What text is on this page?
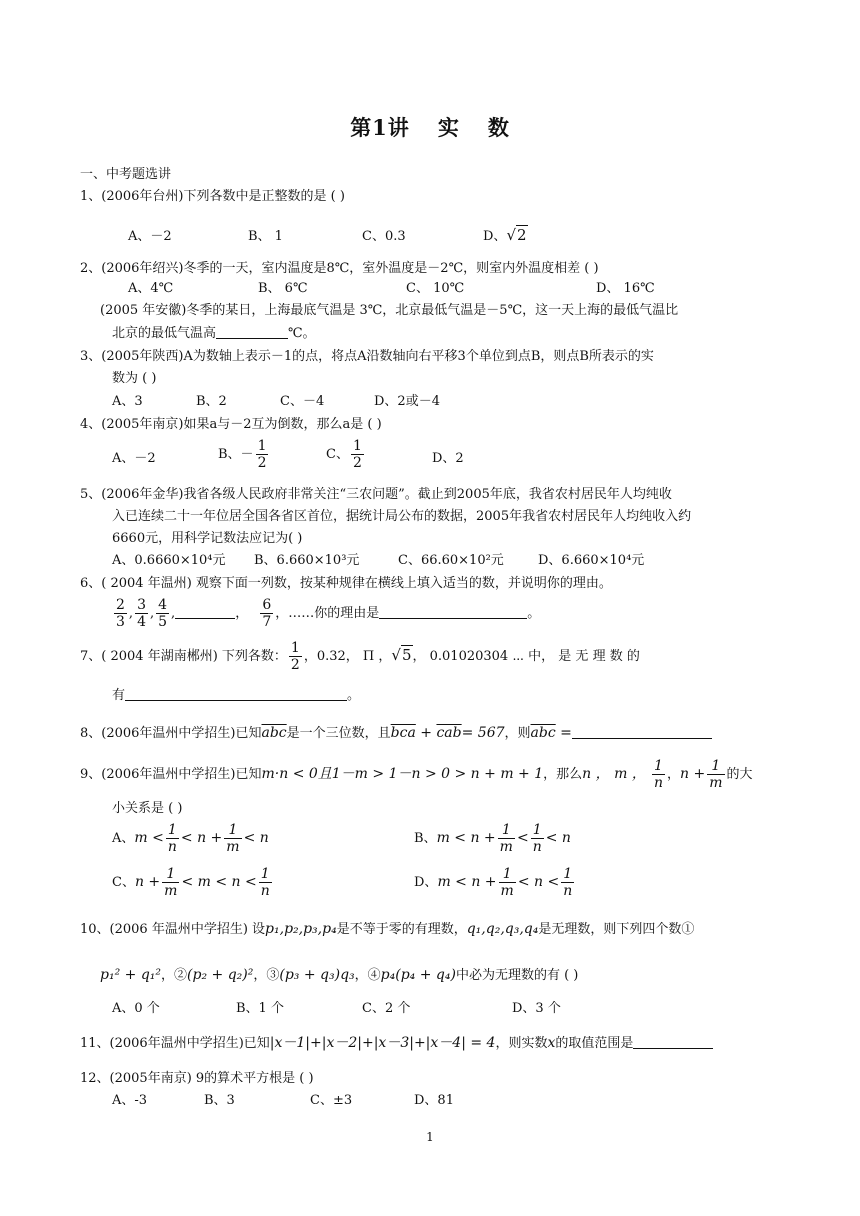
第1讲 实 数
一、中考题选讲
1、(2006年台州)下列各数中是正整数的是 ( )
A、－2	B、 1	C、0.3	D、√2
2、(2006年绍兴)冬季的一天，室内温度是8℃，室外温度是－2℃，则室内外温度相差 ( )
A、4℃	B、 6℃	C、 10℃	D、 16℃
(2005 年安徽)冬季的某日，上海最底气温是 3℃，北京最低气温是－5℃，这一天上海的最低气温比
北京的最低气温高	℃。
3、(2005年陕西)A为数轴上表示－1的点，将点A沿数轴向右平移3个单位到点B，则点B所表示的实
数为 ( )
A、3	B、2	C、－4	D、2或－4
4、(2005年南京)如果a与－2互为倒数，那么a是 ( )
A、－2	B、－ $\frac{1}{2}$	C、 $\frac{1}{2}$	D、2
5、(2006年金华)我省各级人民政府非常关注“三农问题”。截止到2005年底，我省农村居民年人均纯收
入已连续二十一年位居全国各省区首位，据统计局公布的数据，2005年我省农村居民年人均纯收入约
6660元，用科学记数法应记为( )
A、0.6660×10⁴元 B、6.660×10³元	C、66.60×10²元	D、6.660×10⁴元
6、( 2004 年温州) 观察下面一列数，按某种规律在横线上填入适当的数，并说明你的理由。
$\frac{2}{3}$ , $\frac{3}{4}$ , $\frac{4}{5}$ ,	， $\frac{6}{7}$ ，……你的理由是	。
7、( 2004 年湖南郴州) 下列各数： $\frac{1}{2}$ ，0.32， Π ，√5， 0.01020304 ⋯ 中， 是 无 理 数 的
有	。
8、(2006年温州中学招生)已知$\overline{abc}$是一个三位数，且$\overline{bca} + \overline{cab}= 567$，则$\overline{abc}$ =
9、(2006年温州中学招生)已知m·n < 0且1－m > 1－n > 0 > n + m + 1，那么n ， m ， $\frac{1}{n}$ ，$n + \frac{1}{m}$ 的大
小关系是 ( )
A、$m < \frac{1}{n} < n + \frac{1}{m} < n$	B、$m < n + \frac{1}{m} < \frac{1}{n} < n$
C、$n + \frac{1}{m} < m < n < \frac{1}{n}$	D、$m < n + \frac{1}{m} < n < \frac{1}{n}$
10、(2006 年温州中学招生) 设p₁,p₂,p₃,p₄是不等于零的有理数，q₁,q₂,q₃,q₄是无理数，则下列四个数①
p₁² + q₁²，②(p₂ + q₂)²，③(p₃ + q₃)q₃，④p₄(p₄ + q₄)中必为无理数的有 ( )
A、0 个	B、1 个	C、2 个	D、3 个
11、(2006年温州中学招生)已知|x－1|+|x－2|+|x－3|+|x－4| = 4，则实数x的取值范围是
12、(2005年南京) 9的算术平方根是 ( )
A、-3	B、3	C、±3	D、81
1
